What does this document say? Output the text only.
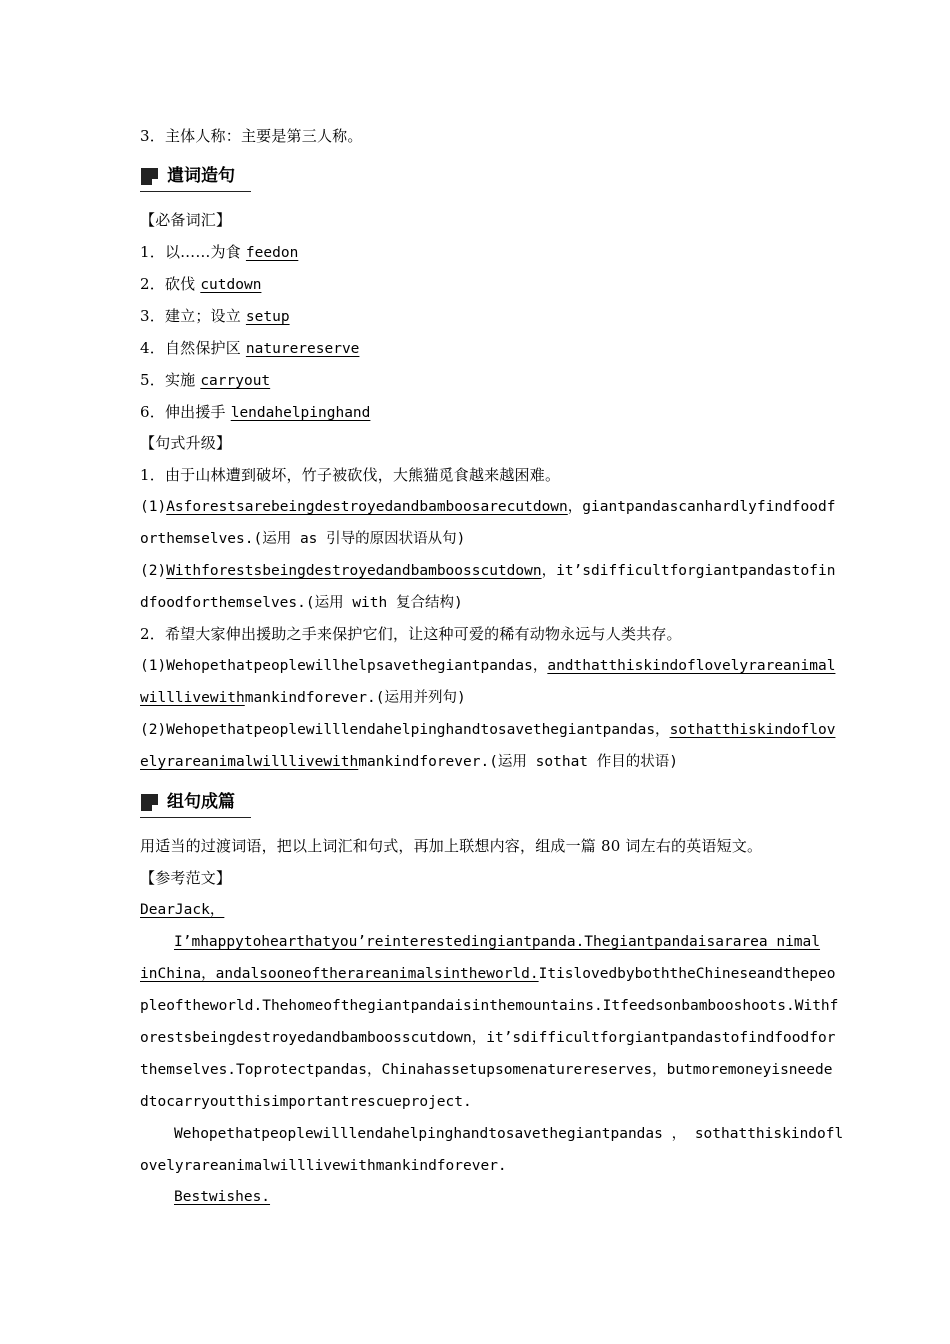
3．主体人称：主要是第三人称。
遣词造句
【必备词汇】
1．以……为食 feedon
2．砍伐 cutdown
3．建立；设立 setup
4．自然保护区 naturereserve
5．实施 carryout
6．伸出援手 lendahelpinghand
【句式升级】
1．由于山林遭到破坏，竹子被砍伐，大熊猫觅食越来越困难。
(1)Asforestsarebeingdestroyedandbamboosarecutdown，giantpandascanhardlyfindfoodf
orthemselves.(运用 as 引导的原因状语从句)
(2)Withforestsbeingdestroyedandbamboosscutdown，it’sdifficultforgiantpandastofin
dfoodforthemselves.(运用 with 复合结构)
2．希望大家伸出援助之手来保护它们，让这种可爱的稀有动物永远与人类共存。
(1)Wehopethatpeoplewillhelpsavethegiantpandas，andthatthiskindoflovelyrareanimal
willlivewithmankindforever.(运用并列句)
(2)Wehopethatpeoplewilllendahelpinghandtosavethegiantpandas，sothatthiskindoflov
elyrareanimalwilllivewithmankindforever.(运用 sothat 作目的状语)
组句成篇
用适当的过渡词语，把以上词汇和句式，再加上联想内容，组成一篇 80 词左右的英语短文。
【参考范文】
DearJack，
I’mhappytohearthatyou’reinterestedingiantpanda.Thegiantpandaisararea nimal
inChina，andalsooneoftherareanimalsintheworld.ItislovedbyboththeChineseandthepeo
pleoftheworld.Thehomeofthegiantpandaisinthemountains.Itfeedsonbambooshoots.Withf
orestsbeingdestroyedandbamboosscutdown，it’sdifficultforgiantpandastofindfoodfor
themselves.Toprotectpandas，Chinahassetupsomenaturereserves，butmoremoneyisneede
dtocarryoutthisimportantrescueproject.
Wehopethatpeoplewilllendahelpinghandtosavethegiantpandas ， sothatthiskindofl
ovelyrareanimalwilllivewithmankindforever.
Bestwishes.
